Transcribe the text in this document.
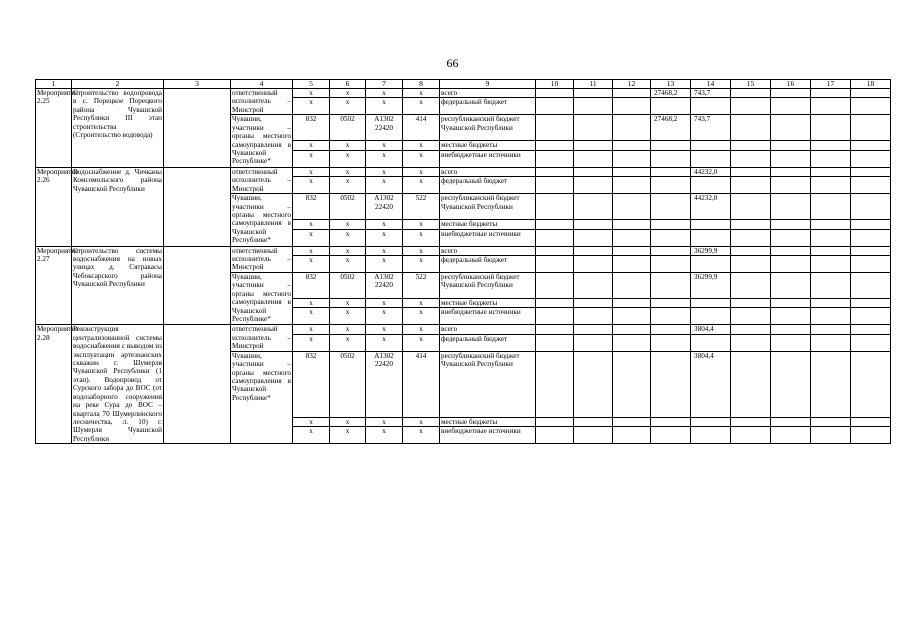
66
1	2	3	4	5	6	7	8	9	10	11	12	13	14	15	16	17	18
Мероприятие 2.25	Строительство водопровода в с. Порецкое Порецкого района Чувашской Республики III этап строительства (Строительство водовода)		ответственный исполнитель – Минстрой	x	x	x	x	всего				27468,2	743,7				
				x	x	x	x	федеральный бюджет									
			Чувашии, участники – органы местного самоуправления в Чувашской Республике*	832	0502	А1302 22420	414	республиканский бюджет Чувашской Республики				27468,2	743,7				
				x	x	x	x	местные бюджеты									
				x	x	x	x	внебюджетные источники									
Мероприятие 2.26	Водоснабжение д. Чичканы Комсомольского района Чувашской Республики		ответственный исполнитель – Минстрой	x	x	x	x	всего					44232,0				
				x	x	x	x	федеральный бюджет									
			Чувашии, участники – органы местного самоуправления в Чувашской Республике*	832	0502	А1302 22420	522	республиканский бюджет Чувашской Республики					44232,0				
				x	x	x	x	местные бюджеты									
				x	x	x	x	внебюджетные источники									
Мероприятие 2.27	Строительство системы водоснабжения на новых улицах д. Сятракасы Чебоксарского района Чувашской Республики		ответственный исполнитель – Минстрой	x	x	x	x	всего					36299,9				
				x	x	x	x	федеральный бюджет									
			Чувашии, участники – органы местного самоуправления в Чувашской Республике*	832	0502	А1302 22420	522	республиканский бюджет Чувашской Республики					36299,9				
				x	x	x	x	местные бюджеты									
				x	x	x	x	внебюджетные источники									
Мероприятие 2.28	Реконструкция централизованной системы водоснабжения с выводом из эксплуатации артезианских скважин г. Шумерля Чувашской Республики (1 этап). Водопровод от Сурского забора до ВОС (от водозаборного сооружения на реке Сура до ВОС – квартала 70 Шумерлинского лесничества, л. 10) г. Шумерля Чувашской Республики		ответственный исполнитель – Минстрой	x	x	x	x	всего					3804,4				
				x	x	x	x	федеральный бюджет									
			Чувашии, участники – органы местного самоуправления в Чувашской Республике*	832	0502	А1302 22420	414	республиканский бюджет Чувашской Республики					3804,4				
				x	x	x	x	местные бюджеты									
				x	x	x	x	внебюджетные источники									
